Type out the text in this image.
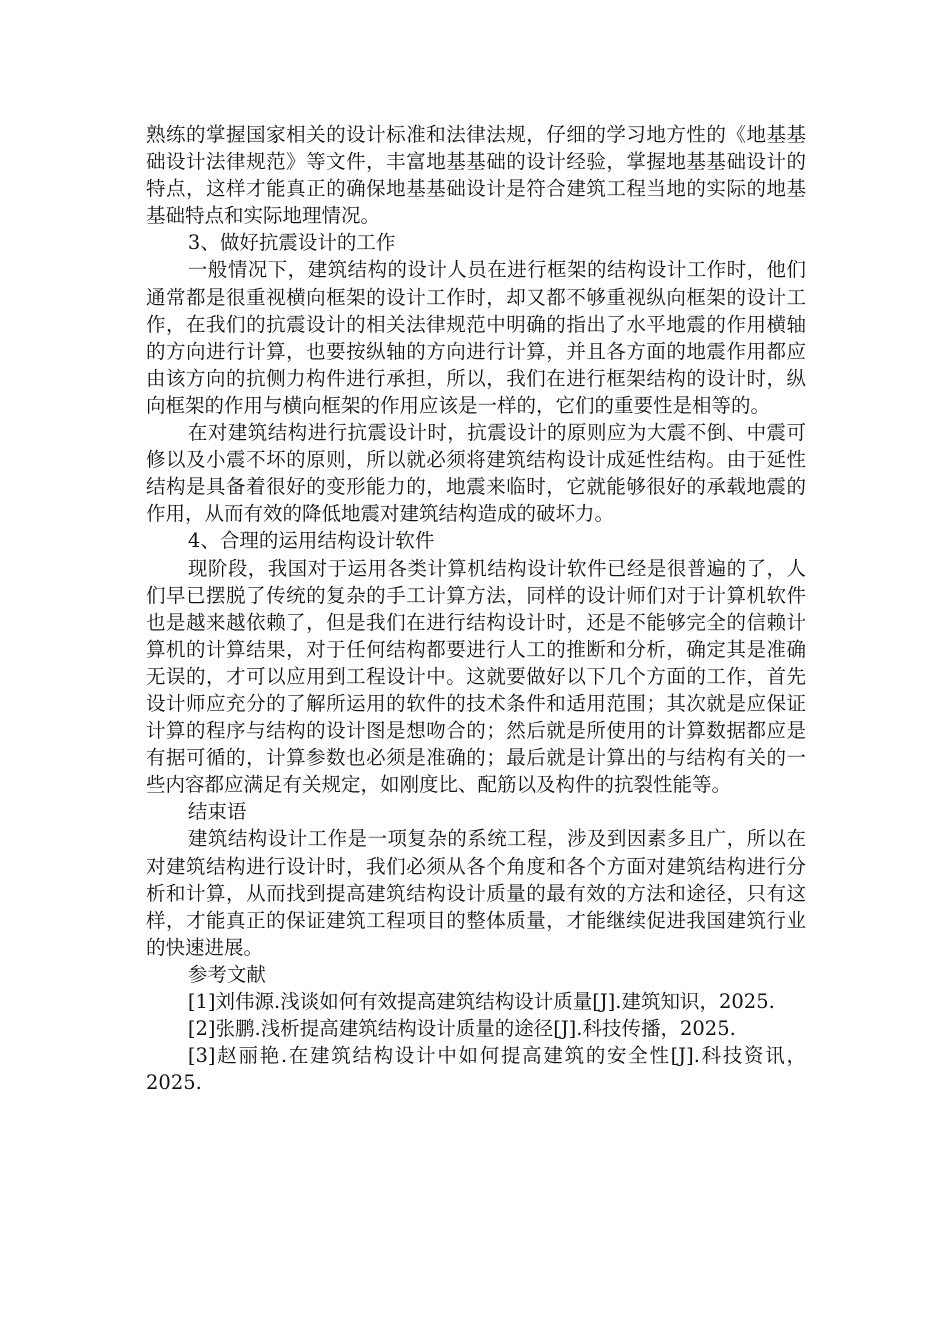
熟练的掌握国家相关的设计标准和法律法规，仔细的学习地方性的《地基基础设计法律规范》等文件，丰富地基基础的设计经验，掌握地基基础设计的特点，这样才能真正的确保地基基础设计是符合建筑工程当地的实际的地基基础特点和实际地理情况。

3、做好抗震设计的工作

一般情况下，建筑结构的设计人员在进行框架的结构设计工作时，他们通常都是很重视横向框架的设计工作时，却又都不够重视纵向框架的设计工作，在我们的抗震设计的相关法律规范中明确的指出了水平地震的作用横轴的方向进行计算，也要按纵轴的方向进行计算，并且各方面的地震作用都应由该方向的抗侧力构件进行承担，所以，我们在进行框架结构的设计时，纵向框架的作用与横向框架的作用应该是一样的，它们的重要性是相等的。

在对建筑结构进行抗震设计时，抗震设计的原则应为大震不倒、中震可修以及小震不坏的原则，所以就必须将建筑结构设计成延性结构。由于延性结构是具备着很好的变形能力的，地震来临时，它就能够很好的承载地震的作用，从而有效的降低地震对建筑结构造成的破坏力。

4、合理的运用结构设计软件

现阶段，我国对于运用各类计算机结构设计软件已经是很普遍的了，人们早已摆脱了传统的复杂的手工计算方法，同样的设计师们对于计算机软件也是越来越依赖了，但是我们在进行结构设计时，还是不能够完全的信赖计算机的计算结果，对于任何结构都要进行人工的推断和分析，确定其是准确无误的，才可以应用到工程设计中。这就要做好以下几个方面的工作，首先设计师应充分的了解所运用的软件的技术条件和适用范围；其次就是应保证计算的程序与结构的设计图是想吻合的；然后就是所使用的计算数据都应是有据可循的，计算参数也必须是准确的；最后就是计算出的与结构有关的一些内容都应满足有关规定，如刚度比、配筋以及构件的抗裂性能等。

结束语

建筑结构设计工作是一项复杂的系统工程，涉及到因素多且广，所以在对建筑结构进行设计时，我们必须从各个角度和各个方面对建筑结构进行分析和计算，从而找到提高建筑结构设计质量的最有效的方法和途径，只有这样，才能真正的保证建筑工程项目的整体质量，才能继续促进我国建筑行业的快速进展。

参考文献

[1]刘伟源.浅谈如何有效提高建筑结构设计质量[J].建筑知识，2025.

[2]张鹏.浅析提高建筑结构设计质量的途径[J].科技传播，2025.

[3]赵丽艳.在建筑结构设计中如何提高建筑的安全性[J].科技资讯，2025.
